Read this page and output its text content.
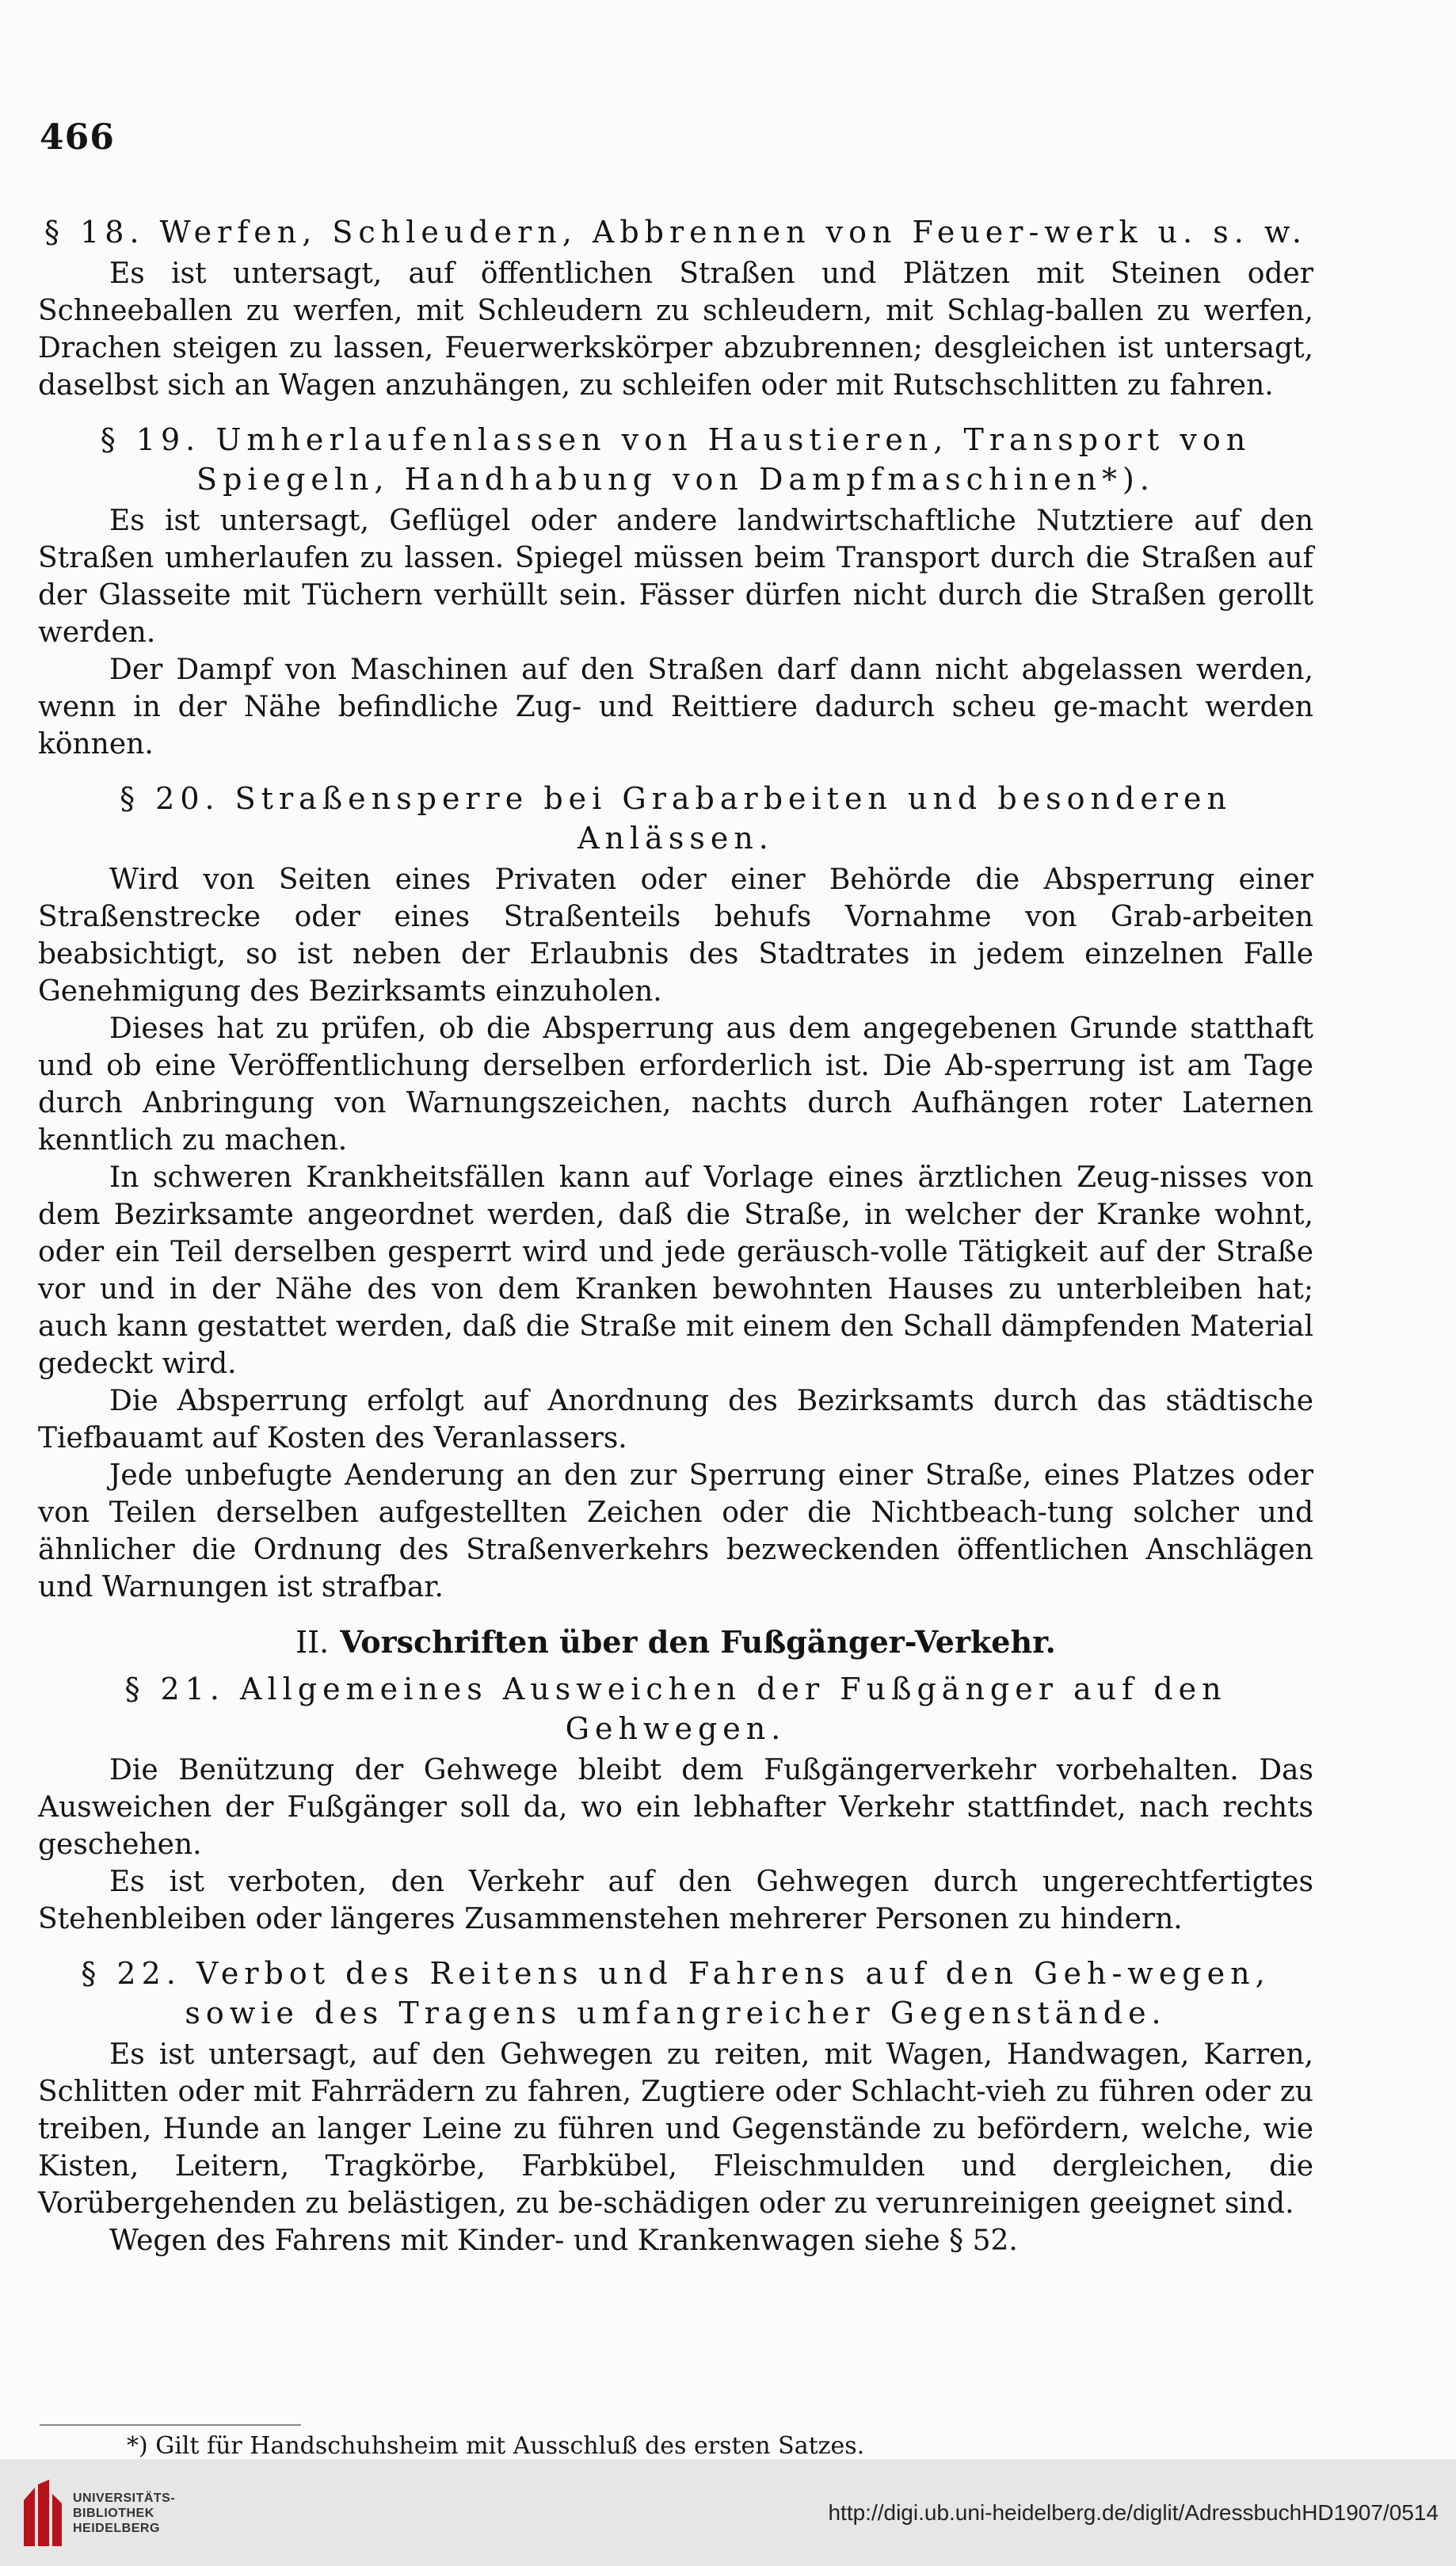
466
§ 18. Werfen, Schleudern, Abbrennen von Feuer-werk u. s. w.

Es ist untersagt, auf öffentlichen Straßen und Plätzen mit Steinen oder Schneeballen zu werfen, mit Schleudern zu schleudern, mit Schlag-ballen zu werfen, Drachen steigen zu lassen, Feuerwerkskörper abzubrennen; desgleichen ist untersagt, daselbst sich an Wagen anzuhängen, zu schleifen oder mit Rutschschlitten zu fahren.

§ 19. Umherlaufenlassen von Haustieren, Transport von Spiegeln, Handhabung von Dampfmaschinen*).

Es ist untersagt, Geflügel oder andere landwirtschaftliche Nutztiere auf den Straßen umherlaufen zu lassen. Spiegel müssen beim Transport durch die Straßen auf der Glasseite mit Tüchern verhüllt sein. Fässer dürfen nicht durch die Straßen gerollt werden.

Der Dampf von Maschinen auf den Straßen darf dann nicht abgelassen werden, wenn in der Nähe befindliche Zug- und Reittiere dadurch scheu ge-macht werden können.

§ 20. Straßensperre bei Grabarbeiten und besonderen Anlässen.

Wird von Seiten eines Privaten oder einer Behörde die Absperrung einer Straßenstrecke oder eines Straßenteils behufs Vornahme von Grab-arbeiten beabsichtigt, so ist neben der Erlaubnis des Stadtrates in jedem einzelnen Falle Genehmigung des Bezirksamts einzuholen.

Dieses hat zu prüfen, ob die Absperrung aus dem angegebenen Grunde statthaft und ob eine Veröffentlichung derselben erforderlich ist. Die Ab-sperrung ist am Tage durch Anbringung von Warnungszeichen, nachts durch Aufhängen roter Laternen kenntlich zu machen.

In schweren Krankheitsfällen kann auf Vorlage eines ärztlichen Zeug-nisses von dem Bezirksamte angeordnet werden, daß die Straße, in welcher der Kranke wohnt, oder ein Teil derselben gesperrt wird und jede geräusch-volle Tätigkeit auf der Straße vor und in der Nähe des von dem Kranken bewohnten Hauses zu unterbleiben hat; auch kann gestattet werden, daß die Straße mit einem den Schall dämpfenden Material gedeckt wird.

Die Absperrung erfolgt auf Anordnung des Bezirksamts durch das städtische Tiefbauamt auf Kosten des Veranlassers.

Jede unbefugte Aenderung an den zur Sperrung einer Straße, eines Platzes oder von Teilen derselben aufgestellten Zeichen oder die Nichtbeach-tung solcher und ähnlicher die Ordnung des Straßenverkehrs bezweckenden öffentlichen Anschlägen und Warnungen ist strafbar.

II. Vorschriften über den Fußgänger-Verkehr.
§ 21. Allgemeines Ausweichen der Fußgänger auf den Gehwegen.

Die Benützung der Gehwege bleibt dem Fußgängerverkehr vorbehalten. Das Ausweichen der Fußgänger soll da, wo ein lebhafter Verkehr stattfindet, nach rechts geschehen.

Es ist verboten, den Verkehr auf den Gehwegen durch ungerechtfertigtes Stehenbleiben oder längeres Zusammenstehen mehrerer Personen zu hindern.

§ 22. Verbot des Reitens und Fahrens auf den Geh-wegen, sowie des Tragens umfangreicher Gegenstände.

Es ist untersagt, auf den Gehwegen zu reiten, mit Wagen, Handwagen, Karren, Schlitten oder mit Fahrrädern zu fahren, Zugtiere oder Schlacht-vieh zu führen oder zu treiben, Hunde an langer Leine zu führen und Gegenstände zu befördern, welche, wie Kisten, Leitern, Tragkörbe, Farbkübel, Fleischmulden und dergleichen, die Vorübergehenden zu belästigen, zu be-schädigen oder zu verunreinigen geeignet sind.

Wegen des Fahrens mit Kinder- und Krankenwagen siehe § 52.

UNIVERSITÄTS-
BIBLIOTHEK
HEIDELBERG
http://digi.ub.uni-heidelberg.de/diglit/AdressbuchHD1907/0514
*) Gilt für Handschuhsheim mit Ausschluß des ersten Satzes.
